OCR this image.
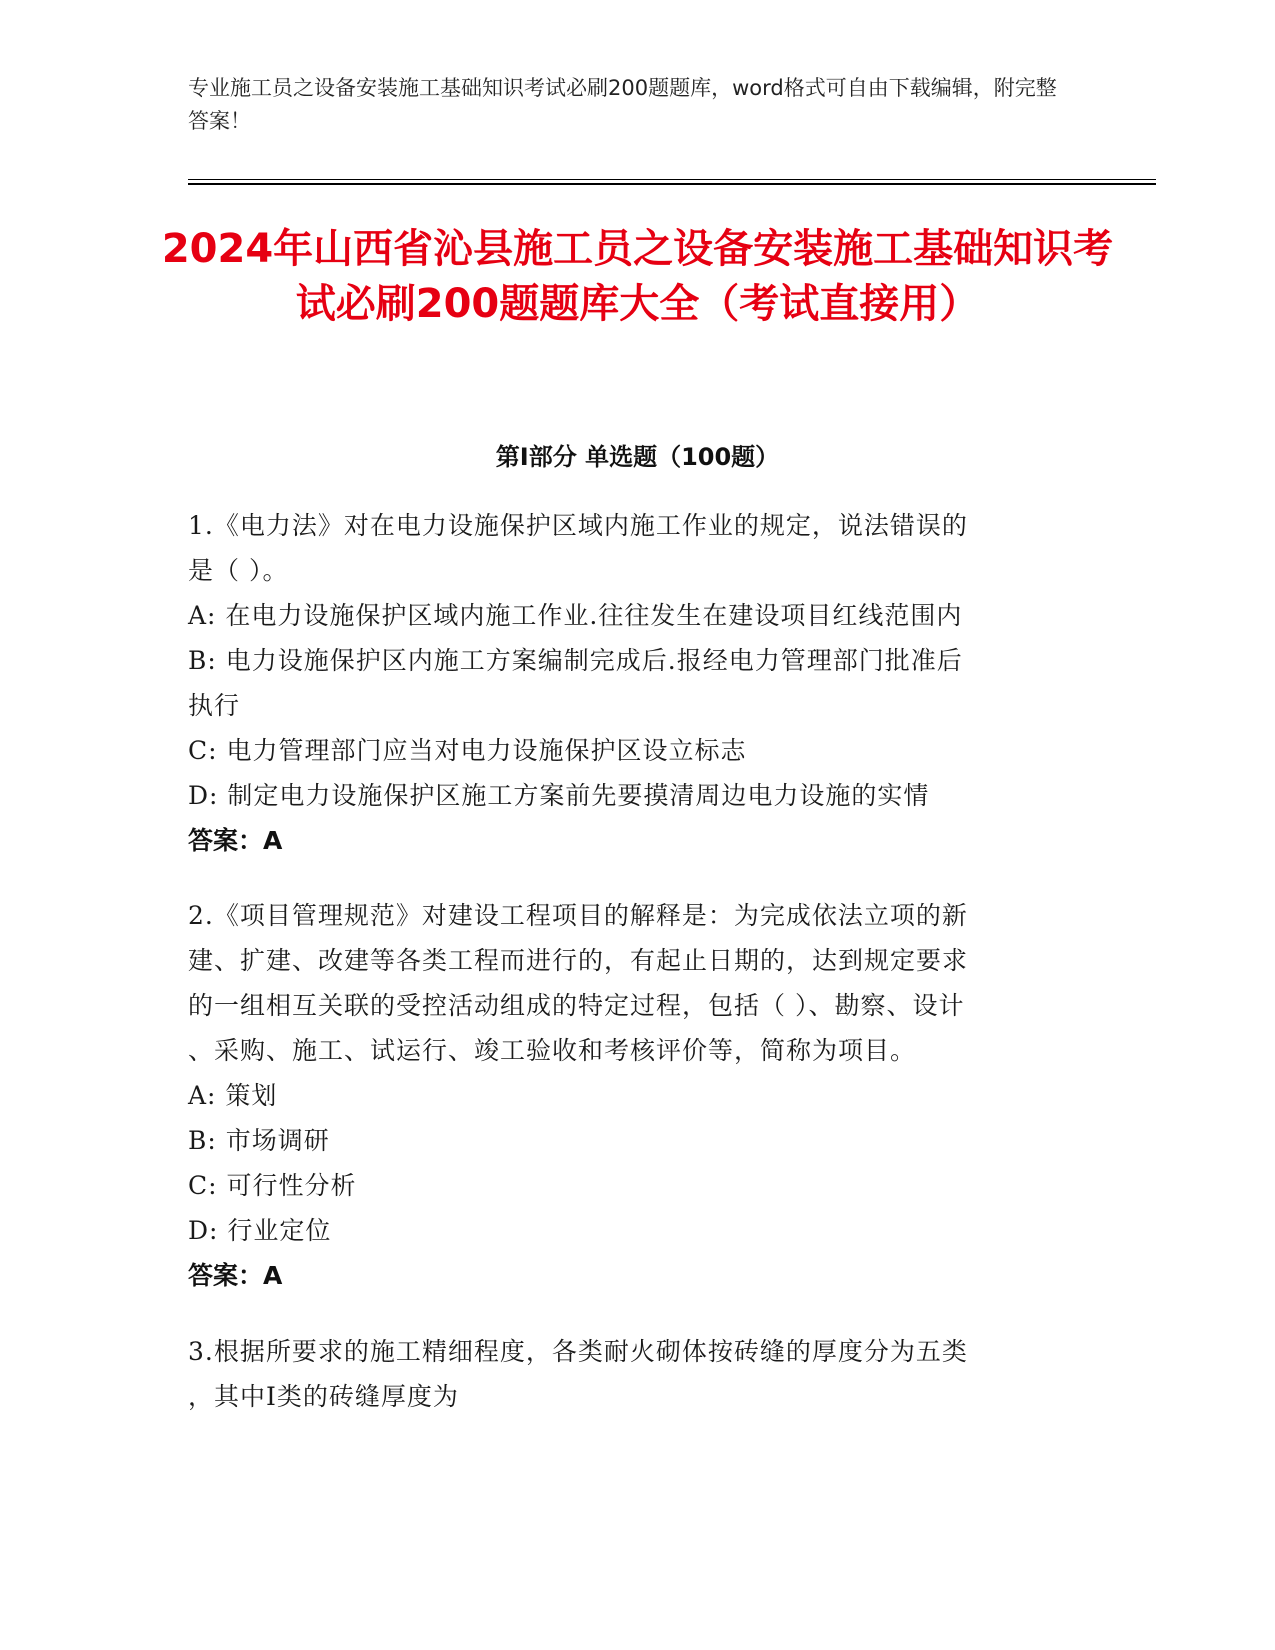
专业施工员之设备安装施工基础知识考试必刷200题题库，word格式可自由下载编辑，附完整答案！
2024年山西省沁县施工员之设备安装施工基础知识考试必刷200题题库大全（考试直接用）
第I部分 单选题（100题）
1.《电力法》对在电力设施保护区域内施工作业的规定，说法错误的
是（ ）。
A: 在电力设施保护区域内施工作业.往往发生在建设项目红线范围内
B: 电力设施保护区内施工方案编制完成后.报经电力管理部门批准后
执行
C: 电力管理部门应当对电力设施保护区设立标志
D: 制定电力设施保护区施工方案前先要摸清周边电力设施的实情
答案：A
2.《项目管理规范》对建设工程项目的解释是：为完成依法立项的新
建、扩建、改建等各类工程而进行的，有起止日期的，达到规定要求
的一组相互关联的受控活动组成的特定过程，包括（ ）、勘察、设计
、采购、施工、试运行、竣工验收和考核评价等，简称为项目。
A: 策划
B: 市场调研
C: 可行性分析
D: 行业定位
答案：A
3.根据所要求的施工精细程度，各类耐火砌体按砖缝的厚度分为五类
，其中Ⅰ类的砖缝厚度为
